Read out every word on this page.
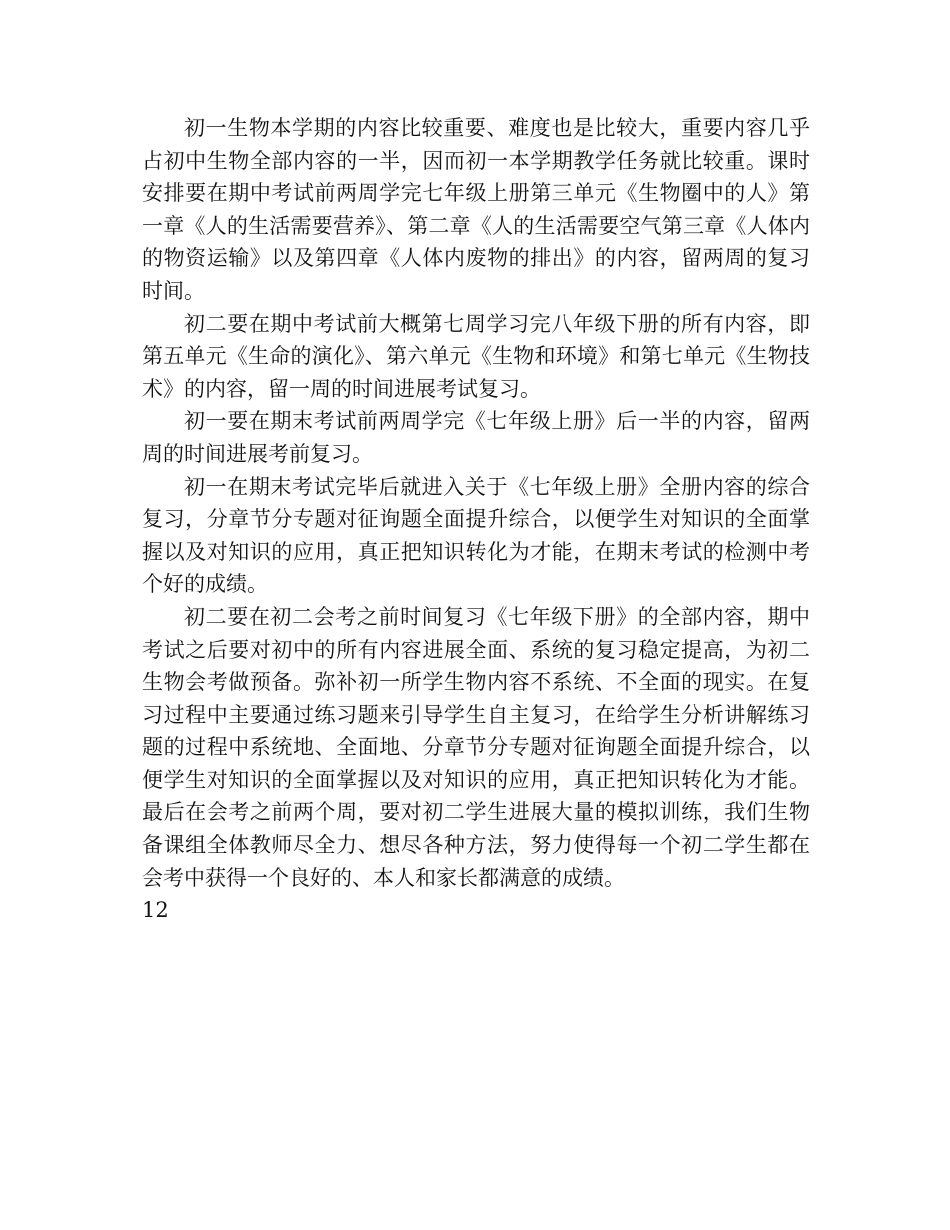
初一生物本学期的内容比较重要、难度也是比较大，重要内容几乎占初中生物全部内容的一半，因而初一本学期教学任务就比较重。课时安排要在期中考试前两周学完七年级上册第三单元《生物圈中的人》第一章《人的生活需要营养》、第二章《人的生活需要空气第三章《人体内的物资运输》以及第四章《人体内废物的排出》的内容，留两周的复习时间。

初二要在期中考试前大概第七周学习完八年级下册的所有内容，即第五单元《生命的演化》、第六单元《生物和环境》和第七单元《生物技术》的内容，留一周的时间进展考试复习。

初一要在期末考试前两周学完《七年级上册》后一半的内容，留两周的时间进展考前复习。

初一在期末考试完毕后就进入关于《七年级上册》全册内容的综合复习，分章节分专题对征询题全面提升综合，以便学生对知识的全面掌握以及对知识的应用，真正把知识转化为才能，在期末考试的检测中考个好的成绩。

初二要在初二会考之前时间复习《七年级下册》的全部内容，期中考试之后要对初中的所有内容进展全面、系统的复习稳定提高，为初二生物会考做预备。弥补初一所学生物内容不系统、不全面的现实。在复习过程中主要通过练习题来引导学生自主复习，在给学生分析讲解练习题的过程中系统地、全面地、分章节分专题对征询题全面提升综合，以便学生对知识的全面掌握以及对知识的应用，真正把知识转化为才能。最后在会考之前两个周，要对初二学生进展大量的模拟训练，我们生物备课组全体教师尽全力、想尽各种方法，努力使得每一个初二学生都在会考中获得一个良好的、本人和家长都满意的成绩。

12
